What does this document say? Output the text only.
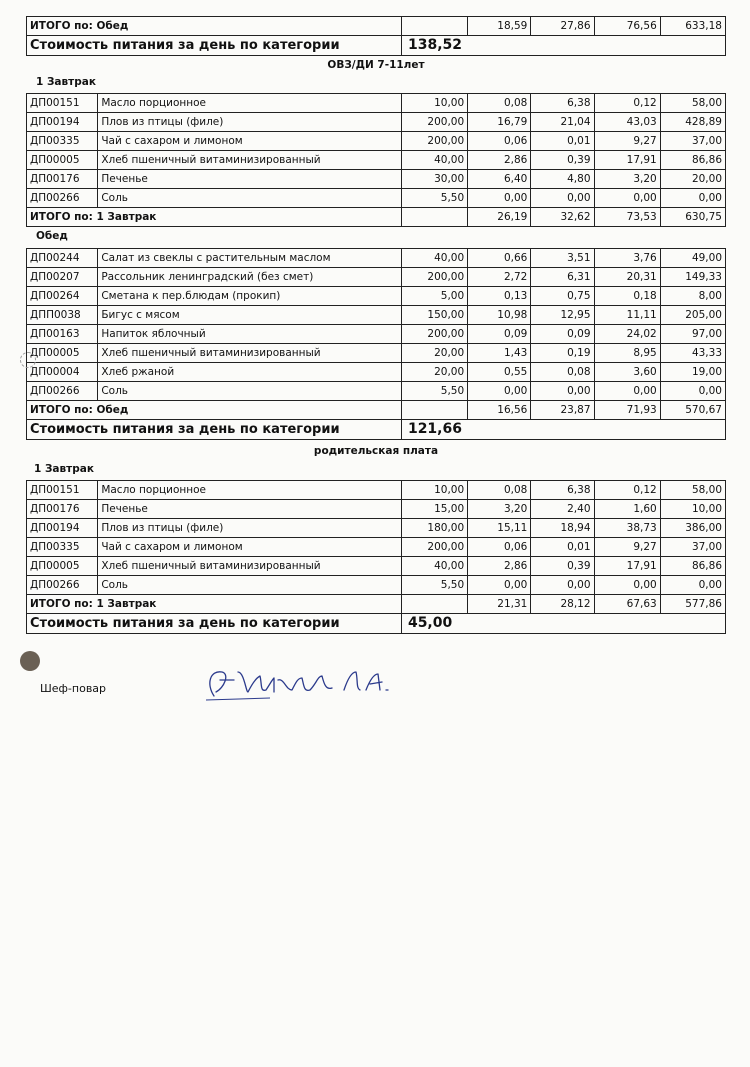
ИТОГО по: Обед		18,59	27,86	76,56	633,18
Стоимость питания за день по категории	138,52				
ОВЗ/ДИ 7-11лет
1 Завтрак
ДП00151	Масло порционное	10,00	0,08	6,38	0,12	58,00
ДП00194	Плов из птицы (филе)	200,00	16,79	21,04	43,03	428,89
ДП00335	Чай с сахаром и лимоном	200,00	0,06	0,01	9,27	37,00
ДП00005	Хлеб пшеничный витаминизированный	40,00	2,86	0,39	17,91	86,86
ДП00176	Печенье	30,00	6,40	4,80	3,20	20,00
ДП00266	Соль	5,50	0,00	0,00	0,00	0,00
ИТОГО по: 1 Завтрак			26,19	32,62	73,53	630,75
Обед
ДП00244	Салат из свеклы с растительным маслом	40,00	0,66	3,51	3,76	49,00
ДП00207	Рассольник ленинградский (без смет)	200,00	2,72	6,31	20,31	149,33
ДП00264	Сметана к пер.блюдам (прокип)	5,00	0,13	0,75	0,18	8,00
ДПП0038	Бигус с мясом	150,00	10,98	12,95	11,11	205,00
ДП00163	Напиток яблочный	200,00	0,09	0,09	24,02	97,00
ДП00005	Хлеб пшеничный витаминизированный	20,00	1,43	0,19	8,95	43,33
ДП00004	Хлеб ржаной	20,00	0,55	0,08	3,60	19,00
ДП00266	Соль	5,50	0,00	0,00	0,00	0,00
ИТОГО по: Обед			16,56	23,87	71,93	570,67
Стоимость питания за день по категории		121,66				
родительская плата
1 Завтрак
ДП00151	Масло порционное	10,00	0,08	6,38	0,12	58,00
ДП00176	Печенье	15,00	3,20	2,40	1,60	10,00
ДП00194	Плов из птицы (филе)	180,00	15,11	18,94	38,73	386,00
ДП00335	Чай с сахаром и лимоном	200,00	0,06	0,01	9,27	37,00
ДП00005	Хлеб пшеничный витаминизированный	40,00	2,86	0,39	17,91	86,86
ДП00266	Соль	5,50	0,00	0,00	0,00	0,00
ИТОГО по: 1 Завтрак			21,31	28,12	67,63	577,86
Стоимость питания за день по категории		45,00				
Шеф-повар
